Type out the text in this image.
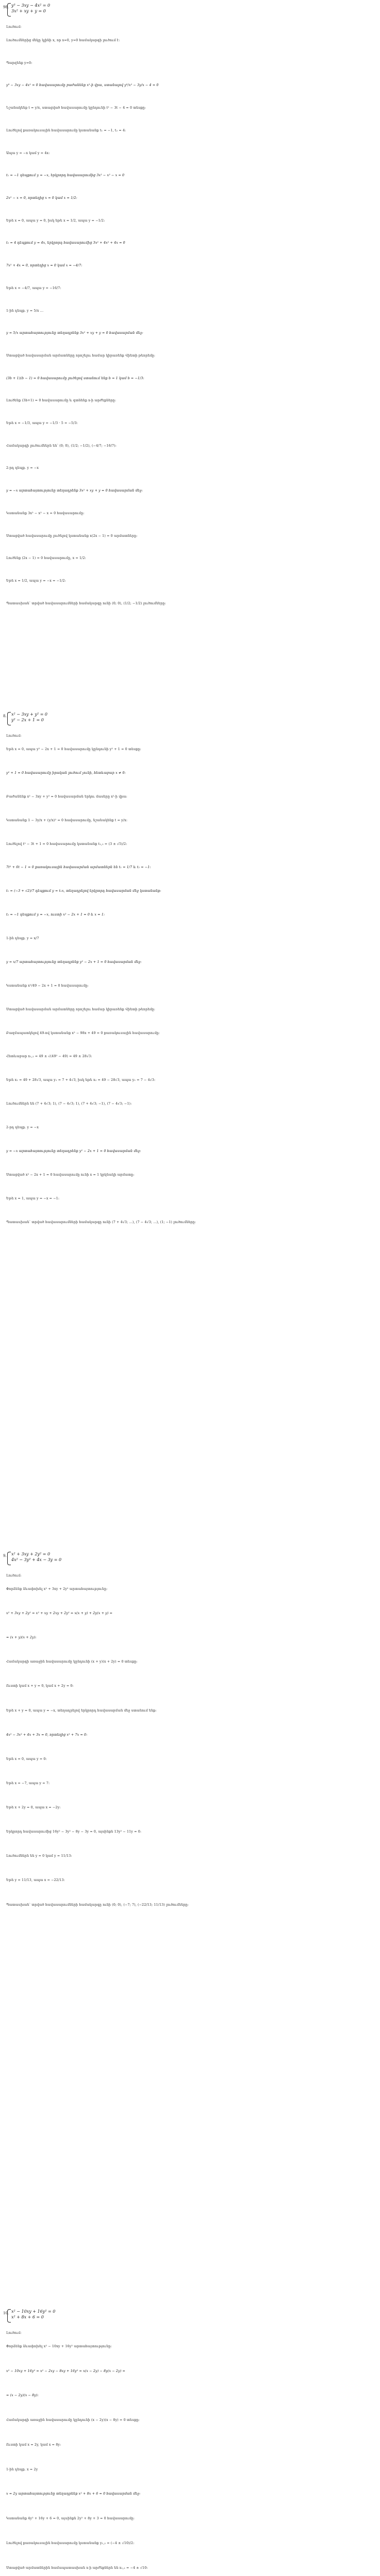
98. y³ − 3xy − 4x² = 0
3x² + xy + y = 0
Լուծում:
Լուծումներից մեկը կլինի x, որ x=0, y=0 համակարգի լուծում է:
Պարզենք y=0:
y³ − 3xy − 4x² = 0 հավասարումը բաժանենք x²-ի վրա, ստանալով y³/x² − 3y/x − 4 = 0
Նշանակենք t = y/x, ստացված հավասարումը կընդունի t² − 3t − 4 = 0 տեսքը:
Լուծելով քառակուսային հավասարումը կստանանք t₁ = −1, t₂ = 4:
Ապա y = −x կամ y = 4x:
t₁ = −1 դեպքում y = −x, երկրորդ հավասարումից 3x² − x² − x = 0
2x² − x = 0, որտեղից x = 0 կամ x = 1/2:
Եթե x = 0, ապա y = 0, իսկ եթե x = 1/2, ապա y = −1/2:
t₂ = 4 դեպքում y = 4x, երկրորդ հավասարումից 3x² + 4x² + 4x = 0
7x² + 4x = 0, որտեղից x = 0 կամ x = −4/7:
Եթե x = −4/7, ապա y = −16/7:
1-ին դեպք. y = 5/x ...
y = 5/x արտահայտությունը տեղադրենք 3x² + xy + y = 0 հավասարման մեջ:
Ստացված հավասարման արմատները որոշելու համար կիրառենք Վիետի թեորեմը:
(3b + 1)(b − 1) = 0 հավասարումը լուծելով ստանում ենք b = 1 կամ b = −1/3:
Լուծենք (3b+1) = 0 հավասարումը և գտնենք x-ի արժեքները:
Եթե x = −1/3, ապա y = −1/3 · 5 = −5/3:
Համակարգի լուծումներն են՝ (0; 0), (1/2; −1/2), (−4/7; −16/7):
2-րդ դեպք. y = −x
y = −x արտահայտությունը տեղադրենք 3x² + xy + y = 0 հավասարման մեջ:
Կստանանք 3x² − x² − x = 0 հավասարումը:
Ստացված հավասարումը լուծելով կստանանք x(2x − 1) = 0 արմատները:
Լուծենք (2x − 1) = 0 հավասարումը, x = 1/2:
Եթե x = 1/2, ապա y = −x = −1/2:
Պատասխան՝ տրված հավասարումների համակարգը ունի (0; 0), (1/2; −1/2) լուծումները:
8. x² − 3xy + y² = 0
y² − 2x + 1 = 0
Լուծում:
Եթե x = 0, ապա y² − 2x + 1 = 0 հավասարումը կընդունի y² + 1 = 0 տեսքը:
y² + 1 = 0 հավասարումը իրական լուծում չունի, հետևաբար x ≠ 0:
Բաժանենք x² − 3xy + y² = 0 հավասարման երկու մասերը x²-ի վրա:
Կստանանք 1 − 3y/x + (y/x)² = 0 հավասարումը, նշանակենք t = y/x:
Լուծելով t² − 3t + 1 = 0 հավասարումը կստանանք t₁,₂ = (3 ± √5)/2:
7t² + 6t − 1 = 0 քառակուսային հավասարման արմատներն են t₁ = 1/7 և t₂ = −1:
t₁ = (−3 + √2)/7 դեպքում y = t₁x, տեղադրելով երկրորդ հավասարման մեջ կստանանք:
t₂ = −1 դեպքում y = −x, ուստի x² − 2x + 1 = 0 և x = 1:
1-ին դեպք. y = x/7
y = x/7 արտահայտությունը տեղադրենք y² − 2x + 1 = 0 հավասարման մեջ:
Կստանանք x²/49 − 2x + 1 = 0 հավասարումը:
Ստացված հավասարման արմատները որոշելու համար կիրառենք Վիետի թեորեմը:
Բազմապատկելով 49-ով կստանանք x² − 98x + 49 = 0 քառակուսային հավասարումը:
Հետևաբար x₁,₂ = 49 ± √(49² − 49) = 49 ± 28√3:
Եթե x₁ = 49 + 28√3, ապա y₁ = 7 + 4√3, իսկ եթե x₂ = 49 − 28√3, ապա y₂ = 7 − 4√3:
Լուծումներն են (7 + 4√3; 1), (7 − 4√3; 1), (7 + 4√3; −1), (7 − 4√3; −1):
2-րդ դեպք. y = −x
y = −x արտահայտությունը տեղադրենք y² − 2x + 1 = 0 հավասարման մեջ:
Ստացված x² − 2x + 1 = 0 հավասարումը ունի x = 1 կրկնակի արմատը:
Եթե x = 1, ապա y = −x = −1:
Պատասխան՝ տրված հավասարումների համակարգը ունի (7 + 4√3; ...), (7 − 4√3; ...), (1; −1) լուծումները:
9. x² + 3xy + 2y² = 0
4x² − 3y² + 4x − 3y = 0
Լուծում:
Փորձենք ձևափոխել x² + 3xy + 2y² արտահայտությունը:
x² + 3xy + 2y² = x² + xy + 2xy + 2y² = x(x + y) + 2y(x + y) =
= (x + y)(x + 2y):
Համակարգի առաջին հավասարումը կընդունի (x + y)(x + 2y) = 0 տեսքը:
Ուստի կամ x + y = 0, կամ x + 2y = 0:
Եթե x + y = 0, ապա y = −x, տեղադրելով երկրորդ հավասարման մեջ ստանում ենք:
4x² − 3x² + 4x + 3x = 0, որտեղից x² + 7x = 0:
Եթե x = 0, ապա y = 0:
Եթե x = −7, ապա y = 7:
Եթե x + 2y = 0, ապա x = −2y:
Երկրորդ հավասարումից 16y² − 3y² − 8y − 3y = 0, այսինքն 13y² − 11y = 0:
Լուծումներն են y = 0 կամ y = 11/13:
Եթե y = 11/13, ապա x = −22/13:
Պատասխան՝ տրված հավասարումների համակարգը ունի (0; 0), (−7; 7), (−22/13; 11/13) լուծումները:
10. x² − 10xy + 16y² = 0
x² + 8x + 6 = 0
Լուծում:
Փորձենք ձևափոխել x² − 10xy + 16y² արտահայտությունը:
x² − 10xy + 16y² = x² − 2xy − 8xy + 16y² = x(x − 2y) − 8y(x − 2y) =
= (x − 2y)(x − 8y):
Համակարգի առաջին հավասարումը կընդունի (x − 2y)(x − 8y) = 0 տեսքը:
Ուստի կամ x = 2y, կամ x = 8y:
1-ին դեպք. x = 2y
x = 2y արտահայտությունը տեղադրենք x² + 8x + 6 = 0 հավասարման մեջ:
Կստանանք 4y² + 16y + 6 = 0, այսինքն 2y² + 8y + 3 = 0 հավասարումը:
Լուծելով քառակուսային հավասարումը կստանանք y₁,₂ = (−4 ± √10)/2:
Ստացված արմատներին համապատասխան x-ի արժեքներն են x₁,₂ = −4 ± √10:
